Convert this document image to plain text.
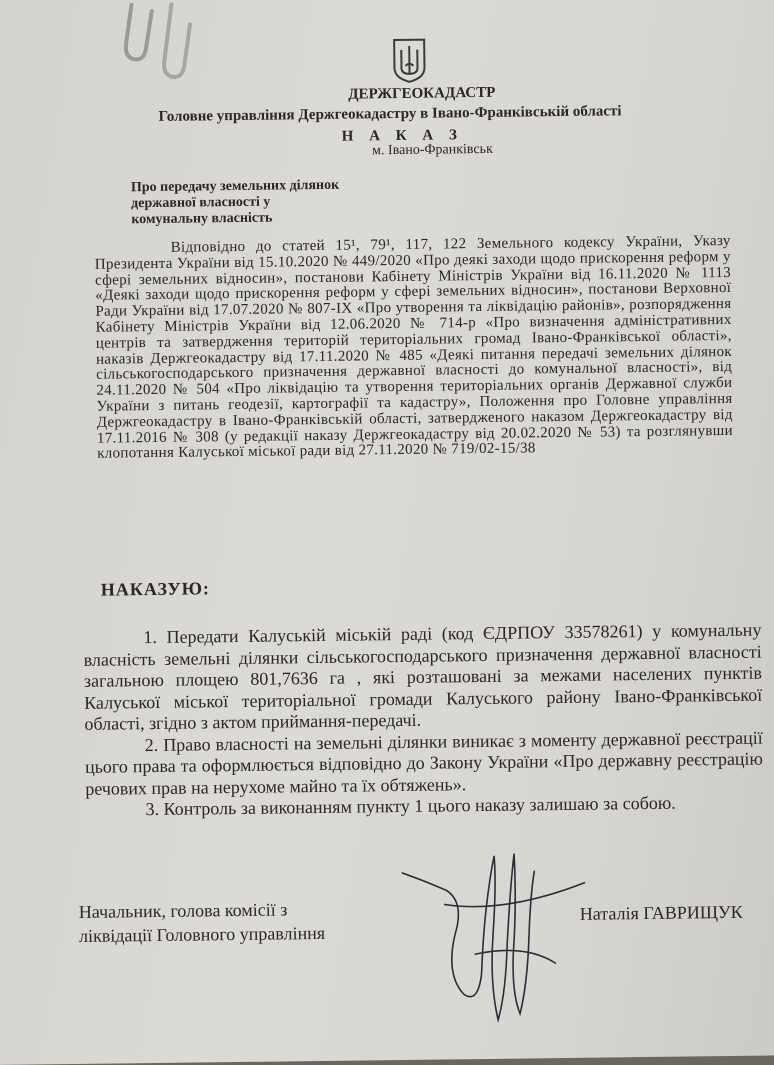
ДЕРЖГЕОКАДАСТР
Головне управління Держгеокадастру в Івано-Франківській області
Н А К А З
м. Івано-Франківськ
Про передачу земельних ділянок
державної власності у
комунальну власність
Відповідно до статей 15¹, 79¹, 117, 122 Земельного кодексу України, Указу Президента України від 15.10.2020 № 449/2020 «Про деякі заходи щодо прискорення реформ у сфері земельних відносин», постанови Кабінету Міністрів України від 16.11.2020 № 1113 «Деякі заходи щодо прискорення реформ у сфері земельних відносин», постанови Верховної Ради України від 17.07.2020 № 807-IX «Про утворення та ліквідацію районів», розпорядження Кабінету Міністрів України від 12.06.2020 № 714-р «Про визначення адміністративних центрів та затвердження територій територіальних громад Івано-Франківської області», наказів Держгеокадастру від 17.11.2020 № 485 «Деякі питання передачі земельних ділянок сільськогосподарського призначення державної власності до комунальної власності», від 24.11.2020 № 504 «Про ліквідацію та утворення територіальних органів Державної служби України з питань геодезії, картографії та кадастру», Положення про Головне управління Держгеокадастру в Івано-Франківській області, затвердженого наказом Держгеокадастру від 17.11.2016 № 308 (у редакції наказу Держгеокадастру від 20.02.2020 № 53) та розглянувши клопотання Калуської міської ради від 27.11.2020 № 719/02-15/38
НАКАЗУЮ:

1. Передати Калуській міській раді (код ЄДРПОУ 33578261) у комунальну власність земельні ділянки сільськогосподарського призначення державної власності загальною площею 801,7636 га , які розташовані за межами населених пунктів Калуської міської територіальної громади Калуського району Івано-Франківської області, згідно з актом приймання-передачі.

2. Право власності на земельні ділянки виникає з моменту державної реєстрації цього права та оформлюється відповідно до Закону України «Про державну реєстрацію речових прав на нерухоме майно та їх обтяжень».

3. Контроль за виконанням пункту 1 цього наказу залишаю за собою.

Начальник, голова комісії з
ліквідації Головного управління
Наталія ГАВРИЩУК
